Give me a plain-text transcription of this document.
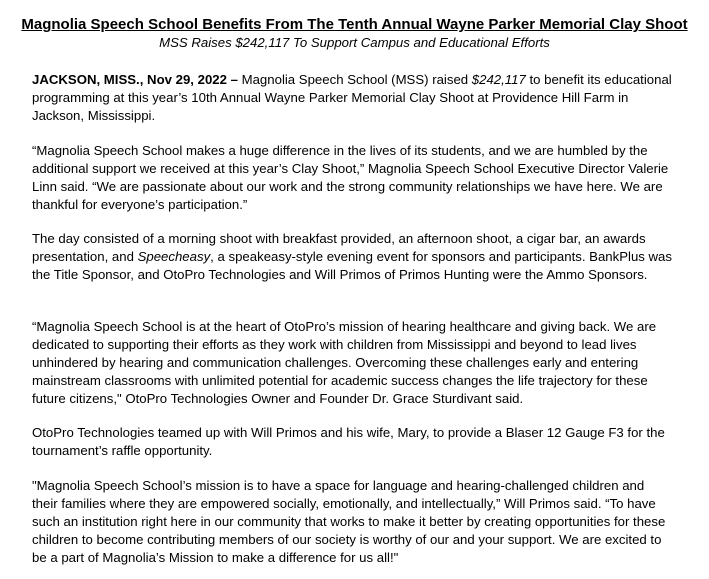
Magnolia Speech School Benefits From The Tenth Annual Wayne Parker Memorial Clay Shoot

MSS Raises $242,117 To Support Campus and Educational Efforts

JACKSON, MISS., Nov 29, 2022 – Magnolia Speech School (MSS) raised $242,117 to benefit its educational programming at this year’s 10th Annual Wayne Parker Memorial Clay Shoot at Providence Hill Farm in Jackson, Mississippi.

“Magnolia Speech School makes a huge difference in the lives of its students, and we are humbled by the additional support we received at this year’s Clay Shoot,” Magnolia Speech School Executive Director Valerie Linn said. “We are passionate about our work and the strong community relationships we have here. We are thankful for everyone’s participation.”

The day consisted of a morning shoot with breakfast provided, an afternoon shoot, a cigar bar, an awards presentation, and Speecheasy, a speakeasy-style evening event for sponsors and participants. BankPlus was the Title Sponsor, and OtoPro Technologies and Will Primos of Primos Hunting were the Ammo Sponsors.

“Magnolia Speech School is at the heart of OtoPro’s mission of hearing healthcare and giving back. We are dedicated to supporting their efforts as they work with children from Mississippi and beyond to lead lives unhindered by hearing and communication challenges. Overcoming these challenges early and entering mainstream classrooms with unlimited potential for academic success changes the life trajectory for these future citizens," OtoPro Technologies Owner and Founder Dr. Grace Sturdivant said.

OtoPro Technologies teamed up with Will Primos and his wife, Mary, to provide a Blaser 12 Gauge F3 for the tournament’s raffle opportunity.

"Magnolia Speech School’s mission is to have a space for language and hearing-challenged children and their families where they are empowered socially, emotionally, and intellectually,” Will Primos said. “To have such an institution right here in our community that works to make it better by creating opportunities for these children to become contributing members of our society is worthy of our and your support. We are excited to be a part of Magnolia’s Mission to make a difference for us all!"
